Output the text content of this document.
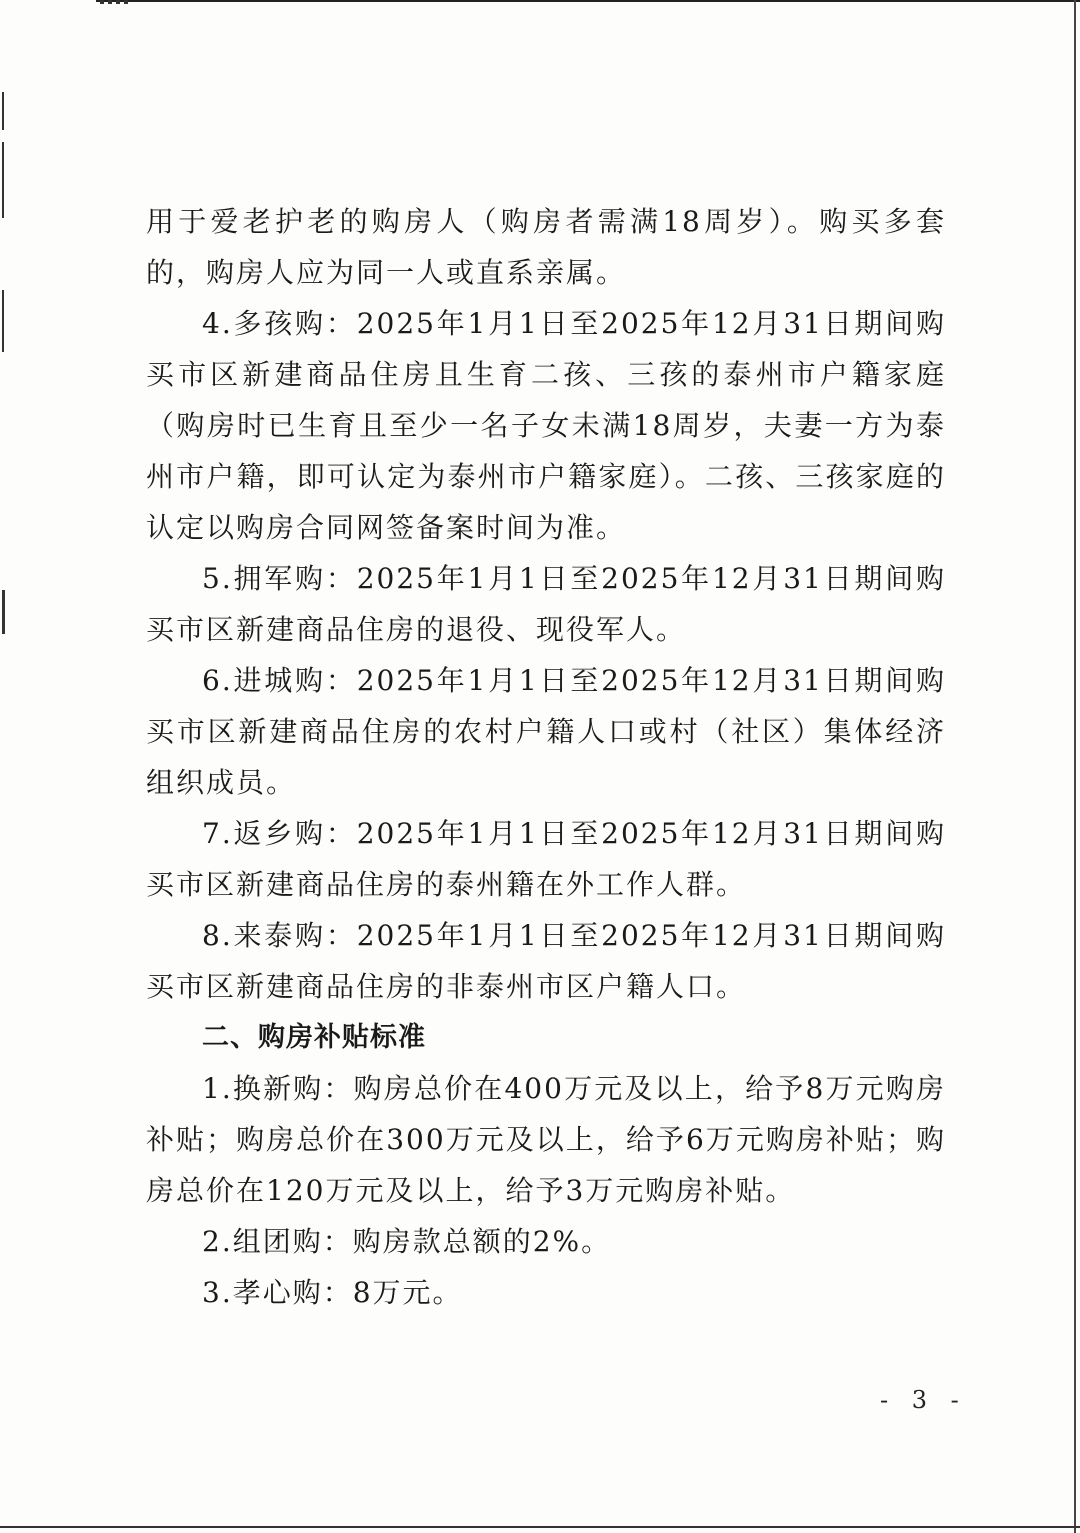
用于爱老护老的购房人（购房者需满18周岁）。购买多套的，购房人应为同一人或直系亲属。

4.多孩购：2025年1月1日至2025年12月31日期间购买市区新建商品住房且生育二孩、三孩的泰州市户籍家庭（购房时已生育且至少一名子女未满18周岁，夫妻一方为泰州市户籍，即可认定为泰州市户籍家庭）。二孩、三孩家庭的认定以购房合同网签备案时间为准。

5.拥军购：2025年1月1日至2025年12月31日期间购买市区新建商品住房的退役、现役军人。

6.进城购：2025年1月1日至2025年12月31日期间购买市区新建商品住房的农村户籍人口或村（社区）集体经济组织成员。

7.返乡购：2025年1月1日至2025年12月31日期间购买市区新建商品住房的泰州籍在外工作人群。

8.来泰购：2025年1月1日至2025年12月31日期间购买市区新建商品住房的非泰州市区户籍人口。

二、购房补贴标准

1.换新购：购房总价在400万元及以上，给予8万元购房补贴；购房总价在300万元及以上，给予6万元购房补贴；购房总价在120万元及以上，给予3万元购房补贴。

2.组团购：购房款总额的2%。

3.孝心购：8万元。

- 3 -
